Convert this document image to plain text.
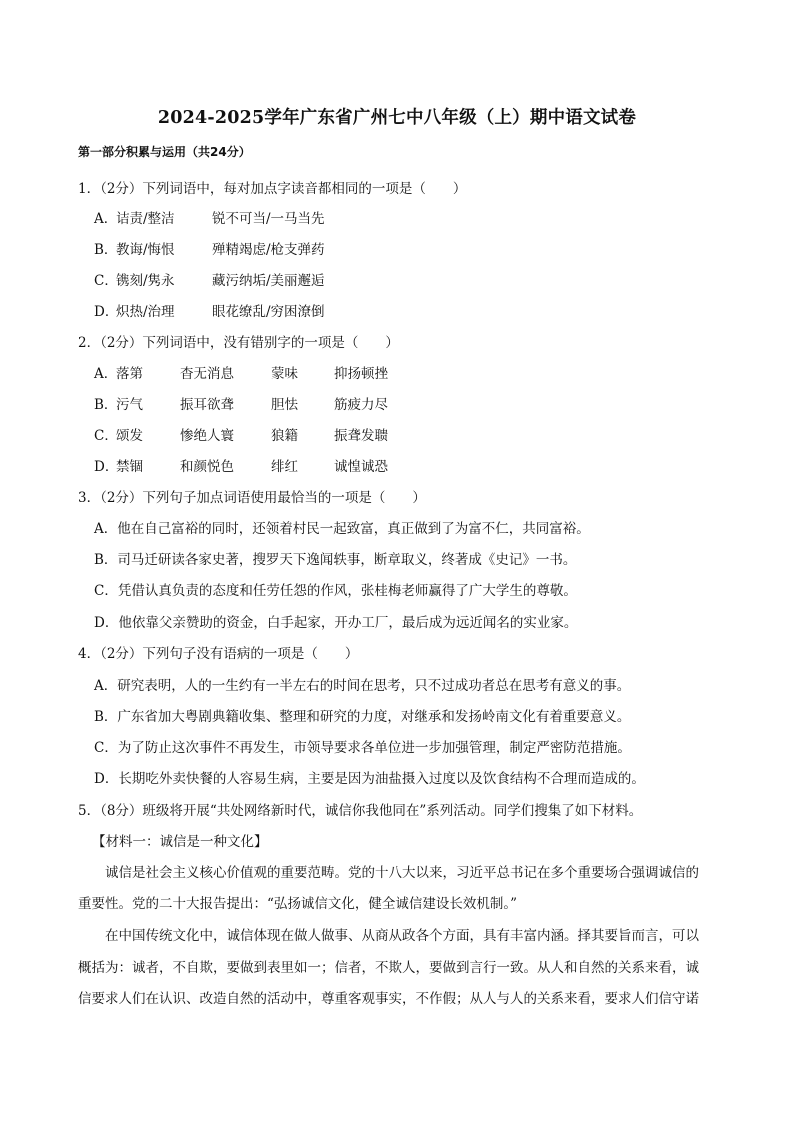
2024-2025学年广东省广州七中八年级（上）期中语文试卷
第一部分积累与运用（共24分）
1．（2分）下列词语中，每对加点字读音都相同的一项是（　　）
A．
诘责/整洁	锐不可当/一马当先
B．
教诲/悔恨	殚精竭虑/枪支弹药
C．
镌刻/隽永	藏污纳垢/美丽邂逅
D．
炽热/治理	眼花缭乱/穷困潦倒
2．（2分）下列词语中，没有错别字的一项是（　　）
A．
落第	杳无消息	蒙味	抑扬顿挫
B．
污气	振耳欲聋	胆怯	筋疲力尽
C．
颂发	惨绝人寰	狼籍	振聋发聩
D．
禁锢	和颜悦色	绯红	诚惶诚恐
3．（2分）下列句子加点词语使用最恰当的一项是（　　）
A．他在自己富裕的同时，还领着村民一起致富，真正做到了为富不仁，共同富裕。
B．司马迁研读各家史著，搜罗天下逸闻轶事，断章取义，终著成《史记》一书。
C．凭借认真负责的态度和任劳任怨的作风，张桂梅老师赢得了广大学生的尊敬。
D．他依靠父亲赞助的资金，白手起家，开办工厂，最后成为远近闻名的实业家。
4．（2分）下列句子没有语病的一项是（　　）
A．研究表明，人的一生约有一半左右的时间在思考，只不过成功者总在思考有意义的事。
B．广东省加大粤剧典籍收集、整理和研究的力度，对继承和发扬岭南文化有着重要意义。
C．为了防止这次事件不再发生，市领导要求各单位进一步加强管理，制定严密防范措施。
D．长期吃外卖快餐的人容易生病，主要是因为油盐摄入过度以及饮食结构不合理而造成的。
5．（8分）班级将开展“共处网络新时代，诚信你我他同在”系列活动。同学们搜集了如下材料。
【材料一：诚信是一种文化】
　　诚信是社会主义核心价值观的重要范畴。党的十八大以来，习近平总书记在多个重要场合强调诚信的
重要性。党的二十大报告提出：“弘扬诚信文化，健全诚信建设长效机制。”
　　在中国传统文化中，诚信体现在做人做事、从商从政各个方面，具有丰富内涵。择其要旨而言，可以
概括为：诚者，不自欺，要做到表里如一；信者，不欺人，要做到言行一致。从人和自然的关系来看，诚
信要求人们在认识、改造自然的活动中，尊重客观事实，不作假；从人与人的关系来看，要求人们信守诺
